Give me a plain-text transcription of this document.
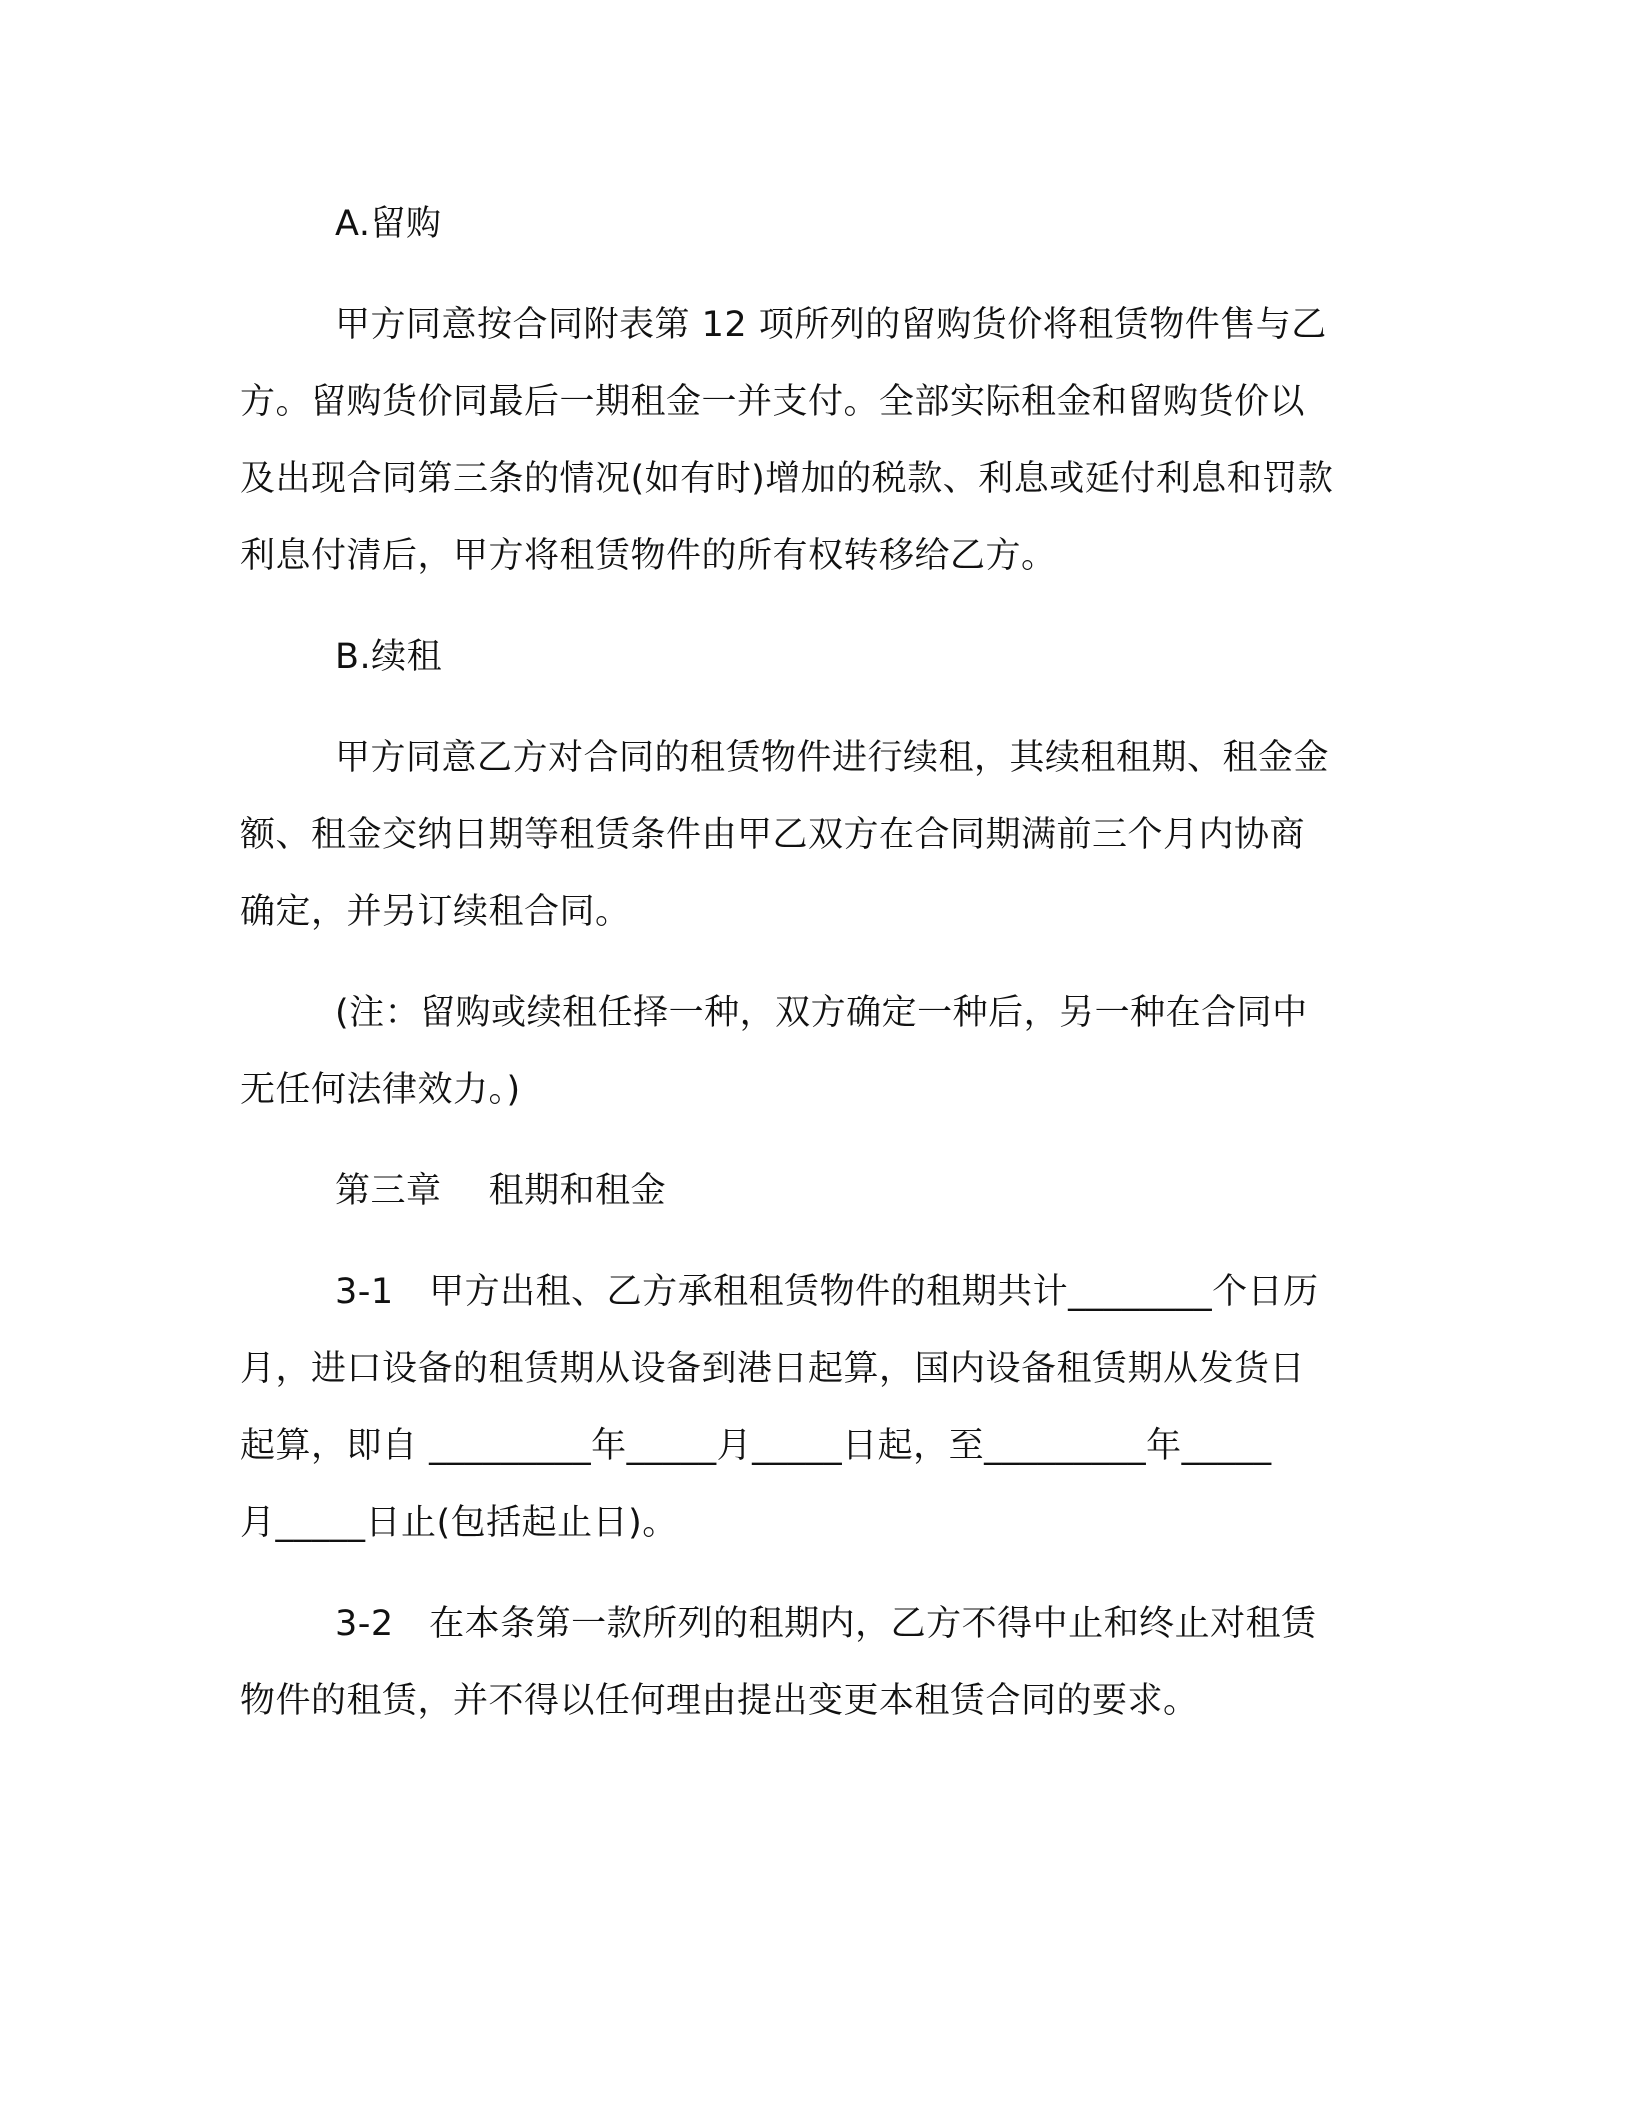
A.留购
甲方同意按合同附表第 12 项所列的留购货价将租赁物件售与乙
方。留购货价同最后一期租金一并支付。全部实际租金和留购货价以
及出现合同第三条的情况(如有时)增加的税款、利息或延付利息和罚款
利息付清后，甲方将租赁物件的所有权转移给乙方。
B.续租
甲方同意乙方对合同的租赁物件进行续租，其续租租期、租金金
额、租金交纳日期等租赁条件由甲乙双方在合同期满前三个月内协商
确定，并另订续租合同。
(注：留购或续租任择一种，双方确定一种后，另一种在合同中
无任何法律效力。)
第三章　 租期和租金
3-1　甲方出租、乙方承租租赁物件的租期共计________个日历
月，进口设备的租赁期从设备到港日起算，国内设备租赁期从发货日
起算，即自 _________年_____月_____日起，至_________年_____
月_____日止(包括起止日)。
3-2　在本条第一款所列的租期内，乙方不得中止和终止对租赁
物件的租赁，并不得以任何理由提出变更本租赁合同的要求。
